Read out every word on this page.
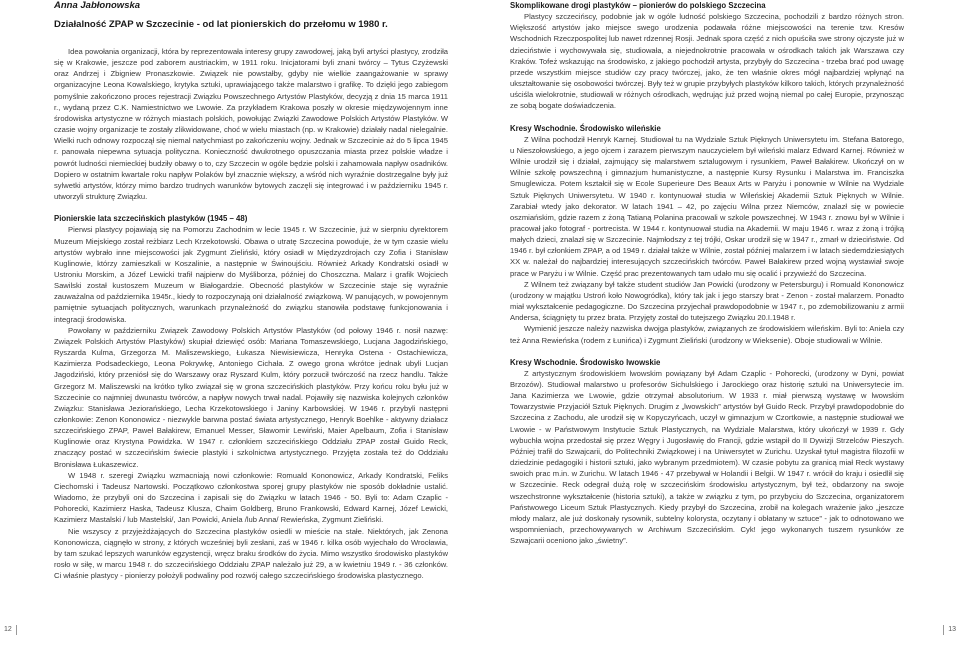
Anna Jabłonowska
Działalność ZPAP w Szczecinie - od lat pionierskich do przełomu w 1980 r.

Idea powołania organizacji, która by reprezentowała interesy grupy zawodowej, jaką byli artyści plastycy, zrodziła się w Krakowie, jeszcze pod zaborem austriackim, w 1911 roku. Inicjatorami byli znani twórcy – Tytus Czyżewski oraz Andrzej i Zbigniew Pronaszkowie. Związek nie powstałby, gdyby nie wielkie zaangażowanie w sprawy organizacyjne Leona Kowalskiego, krytyka sztuki, uprawiającego także malarstwo i grafikę. To dzięki jego zabiegom pomyślnie zakończono proces rejestracji Związku Powszechnego Artystów Plastyków, decyzją z dnia 15 marca 1911 r., wydaną przez C.K. Namiestnictwo we Lwowie. Za przykładem Krakowa poszły w okresie międzywojennym inne środowiska artystyczne w różnych miastach polskich, powołując Związki Zawodowe Polskich Artystów Plastyków. W czasie wojny organizacje te zostały zlikwidowane, choć w wielu miastach (np. w Krakowie) działały nadal nielegalnie. Wielki ruch odnowy rozpoczął się niemal natychmiast po zakończeniu wojny. Jednak w Szczecinie aż do 5 lipca 1945 r. panowała niepewna sytuacja polityczna. Konieczność dwukrotnego opuszczania miasta przez polskie władze i powrót ludności niemieckiej budziły obawy o to, czy Szczecin w ogóle będzie polski i zahamowała napływ osadników. Dopiero w ostatnim kwartale roku napływ Polaków był znacznie większy, a wśród nich wyraźnie dostrzegalne były już sylwetki artystów, którzy mimo bardzo trudnych warunków bytowych zaczęli się integrować i w październiku 1945 r. utworzyli strukturę Związku.

Pionierskie lata szczecińskich plastyków (1945 – 48)

Pierwsi plastycy pojawiają się na Pomorzu Zachodnim w lecie 1945 r. W Szczecinie, już w sierpniu dyrektorem Muzeum Miejskiego został reżbiarz Lech Krzekotowski. Obawa o utratę Szczecina powoduje, że w tym czasie wielu artystów wybrało inne miejscowości jak Zygmunt Zieliński, który osiadł w Międzyzdrojach czy Zofia i Stanisław Kuglinowie, którzy zamieszkali w Koszalinie, a następnie w Świnoujściu. Również Arkady Kondratski osiadł w Ustroniu Morskim, a Józef Lewicki trafił najpierw do Myśliborza, później do Choszczna. Malarz i grafik Wojciech Sawilski został kustoszem Muzeum w Białogardzie. Obecność plastyków w Szczecinie staje się wyraźnie zauważalna od października 1945r., kiedy to rozpoczynają oni działalność związkową. W panujących, w powojennym pamiętnie sytuacjach politycznych, warunkach przynależność do związku stanowiła podstawę funkcjonowania i integracji środowiska.

Powołany w październiku Związek Zawodowy Polskich Artystów Plastyków (od połowy 1946 r. nosił nazwę: Związek Polskich Artystów Plastyków) skupiał dziewięć osób: Mariana Tomaszewskiego, Lucjana Jagodzińskiego, Ryszarda Kulma, Grzegorza M. Maliszewskiego, Łukasza Niewisiewicza, Henryka Ostena - Ostachiewicza, Kazimierza Podsadeckiego, Leona Pokrywkę, Antoniego Cichała. Z owego grona wkrótce jednak ubyli Lucjan Jagodziński, który przeniósł się do Warszawy oraz Ryszard Kulm, który porzucił twórczość na rzecz handlu. Także Grzegorz M. Maliszewski na krótko tylko związał się w grona szczecińskich plastyków. Przy końcu roku byłu już w Szczecinie co najmniej dwunastu twórców, a napływ nowych trwał nadal. Pojawiły się nazwiska kolejnych członków Związku: Stanisława Jeziorańskiego, Lecha Krzekotowskiego i Janiny Karbowskiej. W 1946 r. przybyli następni członkowie: Zenon Kononowicz - niezwykle barwna postać świata artystycznego, Henryk Boehlke - aktywny działacz szczecińskiego ZPAP, Paweł Bałakirew, Emanuel Messer, Sławomir Lewiński, Maier Apelbaum, Zofia i Stanisław Kuglinowie oraz Krystyna Powidzka. W 1947 r. członkiem szczecińskiego Oddziału ZPAP został Guido Reck, znaczący postać w szczecińskim świecie plastyki i szkolnictwa artystycznego. Przyjęta została też do Oddziału Bronisława Łukaszewicz.

W 1948 r. szeregi Związku wzmacniają nowi członkowie: Romuald Kononowicz, Arkady Kondratski, Feliks Ciechomski i Tadeusz Nartowski. Początkowo członkostwa sporej grupy plastyków nie sposób dokładnie ustalić. Wiadomo, że przybyli oni do Szczecina i zapisali się do Związku w latach 1946 - 50. Byli to: Adam Czaplic - Pohorecki, Kazimierz Haska, Tadeusz Klusza, Chaim Goldberg, Bruno Frankowski, Edward Karnej, Józef Lewicki, Kazimierz Mastalski / lub Mastelski/, Jan Powicki, Aniela /lub Anna/ Rewieńska, Zygmunt Zieliński.

Nie wszyscy z przyjeżdżających do Szczecina plastyków osiedli w mieście na stałe. Niektórych, jak Zenona Kononowicza, ciągnęło w strony, z których wcześniej byli zesłani, zaś w 1946 r. kilka osób wyjechało do Wrocławia, by tam szukać lepszych warunków egzystencji, wręcz braku środków do życia. Mimo wszystko środowisko plastyków rosło w siłę, w marcu 1948 r. do szczecińskiego Oddziału ZPAP należało już 29, a w kwietniu 1949 r. - 36 członków. Ci właśnie plastycy - pionierzy położyli podwaliny pod rozwój całego szczecińskiego środowiska plastycznego.

Skomplikowane drogi plastyków – pionierów do polskiego Szczecina

Plastycy szczecińscy, podobnie jak w ogóle ludność polskiego Szczecina, pochodzili z bardzo różnych stron. Większość artystów jako miejsce swego urodzenia podawała różne miejscowości na terenie tzw. Kresów Wschodnich Rzeczpospolitej lub nawet rdzennej Rosji. Jednak spora część z nich opuściła swe strony ojczyste już w dzieciństwie i wychowywała się, studiowała, a niejednokrotnie pracowała w ośrodkach takich jak Warszawa czy Kraków. Tofeż wskazując na środowisko, z jakiego pochodził artysta, przybyły do Szczecina - trzeba brać pod uwagę przede wszystkim miejsce studiów czy pracy twórczej, jako, że ten właśnie okres mógł najbardziej wpłynąć na ukształtowanie się osobowości twórczej. Były też w grupie przybyłych plastyków kilkoro takich, których przynależność uściśla wielokrotnie, studiowali w różnych ośrodkach, wędrując już przed wojną niemal po całej Europie, przynosząc ze sobą bogate doświadczenia.

Kresy Wschodnie. Środowisko wileńskie

Z Wilna pochodził Henryk Karnej. Studiował tu na Wydziale Sztuk Pięknych Uniwersytetu im. Stefana Batorego, u Nieszołowskiego, a jego ojcem i zarazem pierwszym nauczycielem był wileński malarz Edward Karnej. Również w Wilnie urodził się i działał, zajmujący się malarstwem sztalugowym i rysunkiem, Paweł Bałakirew. Ukończył on w Wilnie szkołę powszechną i gimnazjum humanistyczne, a następnie Kursy Rysunku i Malarstwa im. Franciszka Smuglewicza. Potem kształcił się w Ecole Superieure Des Beaux Arts w Paryżu i ponownie w Wilnie na Wydziale Sztuk Pięknych Uniwersytetu. W 1940 r. kontynuował studia w Wileńskiej Akademii Sztuk Pięknych w Wilnie. Zarabiał wtedy jako dekorator. W latach 1941 – 42, po zajęciu Wilna przez Niemców, znalazł się w powiecie oszmiańskim, gdzie razem z żoną Tatianą Polanina pracowali w szkole powszechnej. W 1943 r. znowu był w Wilnie i pracował jako fotograf - portrecista. W 1944 r. kontynuował studia na Akademii. W maju 1946 r. wraz z żoną i trójką małych dzieci, znalazł się w Szczecinie. Najmłodszy z tej trójki, Oskar urodził się w 1947 r., zmarł w dzieciństwie. Od 1946 r. był członkiem ZPAP, a od 1949 r. działał także w Wilnie, został później malarzem i w latach siedemdziesiątych XX w. należał do najbardziej interesujących szczecińskich twórców. Paweł Bałakirew przed wojną wystawiał swoje prace w Paryżu i w Wilnie. Część prac prezentowanych tam udało mu się ocalić i przywieźć do Szczecina.

Z Wilnem też związany był także student studiów Jan Powicki (urodzony w Petersburgu) i Romuald Kononowicz (urodzony w majątku Ustroń koło Nowogródka), który tak jak i jego starszy brat - Zenon - został malarzem. Ponadto miał wykształcenie pedagogiczne. Do Szczecina przyjechał prawdopodobnie w 1947 r., po zdemobilizowaniu z armii Andersa, ściągnięty tu przez brata. Przyjęty został do tutejszego Związku 20.I.1948 r.

Wymienić jeszcze należy nazwiska dwojga plastyków, związanych ze środowiskiem wileńskim. Byli to: Aniela czy też Anna Rewieńska (rodem z Łunińca) i Zygmunt Zieliński (urodzony w Wieksenie). Oboje studiowali w Wilnie.

Kresy Wschodnie. Środowisko lwowskie

Z artystycznym środowiskiem lwowskim powiązany był Adam Czaplic - Pohorecki, (urodzony w Dyni, powiat Brzozów). Studiował malarstwo u profesorów Sichulskiego i Jarockiego oraz historię sztuki na Uniwersytecie im. Jana Kazimierza we Lwowie, gdzie otrzymał absolutorium. W 1933 r. miał pierwszą wystawę w lwowskim Towarzystwie Przyjaciół Sztuk Pięknych. Drugim z „lwowskich” artystów był Guido Reck. Przybył prawdopodobnie do Szczecina z Zachodu, ale urodził się w Kopyczyńcach, uczył w gimnazjum w Czortkowie, a następnie studiował we Lwowie - w Państwowym Instytucie Sztuk Plastycznych, na Wydziale Malarstwa, który ukończył w 1939 r. Gdy wybuchła wojna przedostał się przez Węgry i Jugosławię do Francji, gdzie wstąpił do II Dywizji Strzelców Pieszych. Później trafił do Szwajcarii, do Politechniki Związkowej i na Uniwersytet w Zurichu. Uzyskał tytuł magistra filozofii w dziedzinie pedagogiki i historii sztuki, jako wybranym przedmiotem). W czasie pobytu za granicą miał Reck wystawy swoich prac m.in. w Zurichu. W latach 1946 - 47 przebywał w Holandii i Belgii. W 1947 r. wrócił do kraju i osiedlił się w Szczecinie. Reck odegrał dużą rolę w szczecińskim środowisku artystycznym, był też, obdarzony na swoje wszechstronne wykształcenie (historia sztuki), a także w związku z tym, po przybyciu do Szczecina, organizatorem Państwowego Liceum Sztuk Plastycznych. Kiedy przybył do Szczecina, zrobił na kolegach wrażenie jako „jeszcze młody malarz, ale już doskonały rysownik, subtelny kolorysta, oczytany i obłatany w sztuce” - jak to odnotowano we wspomnieniach, przechowywanych w Archiwum Szczecińskim. Cyk! jego wykonanych tuszem rysunków ze Szwajcarii oceniono jako „świetny”.

12	13
